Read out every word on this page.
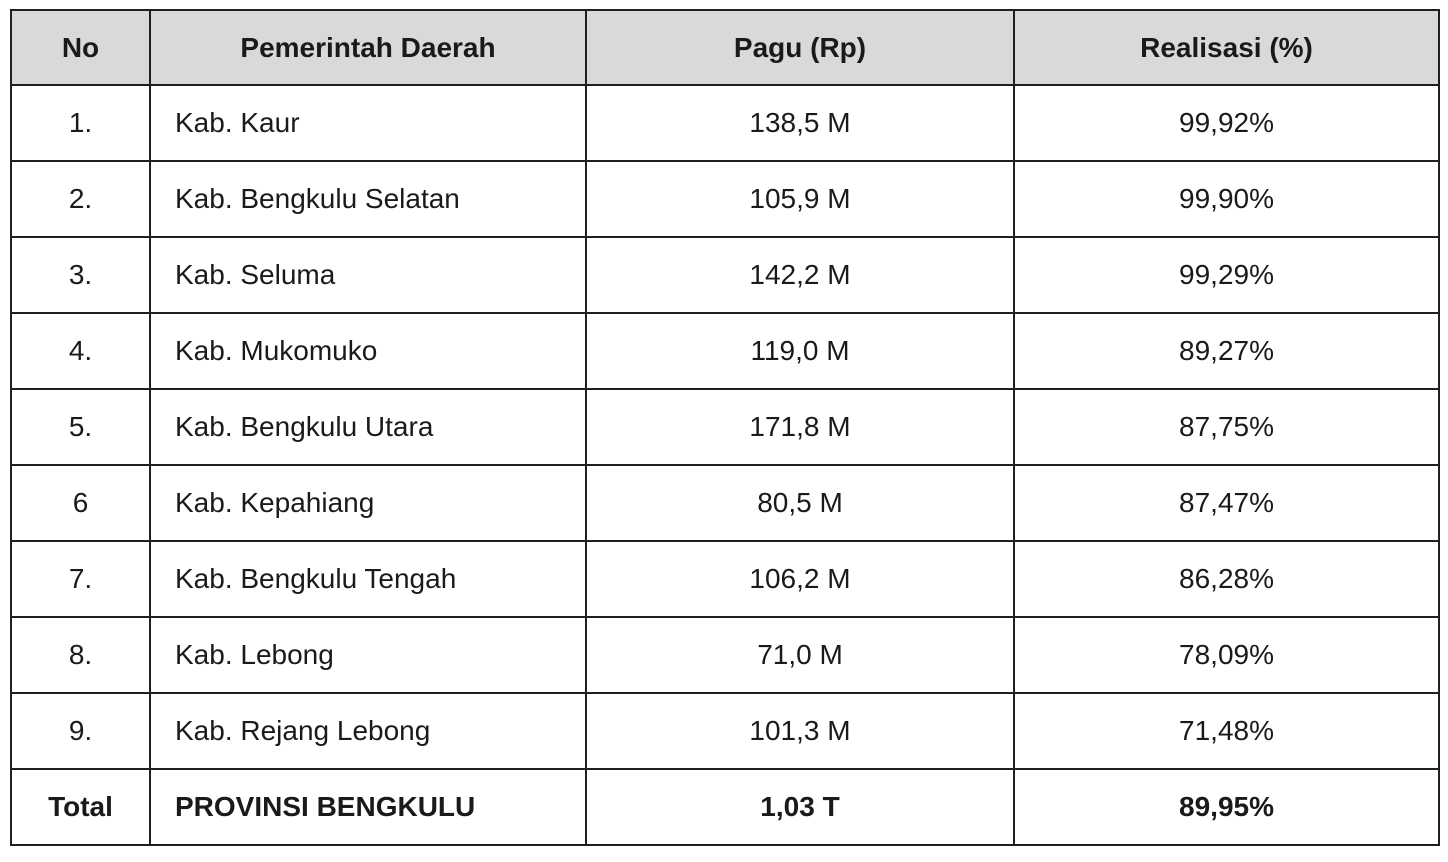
No	Pemerintah Daerah	Pagu (Rp)	Realisasi (%)
1.	Kab. Kaur	138,5 M	99,92%
2.	Kab. Bengkulu Selatan	105,9 M	99,90%
3.	Kab. Seluma	142,2 M	99,29%
4.	Kab. Mukomuko	119,0 M	89,27%
5.	Kab. Bengkulu Utara	171,8 M	87,75%
6	Kab. Kepahiang	80,5 M	87,47%
7.	Kab. Bengkulu Tengah	106,2 M	86,28%
8.	Kab. Lebong	71,0 M	78,09%
9.	Kab. Rejang Lebong	101,3 M	71,48%
Total	PROVINSI BENGKULU	1,03 T	89,95%
